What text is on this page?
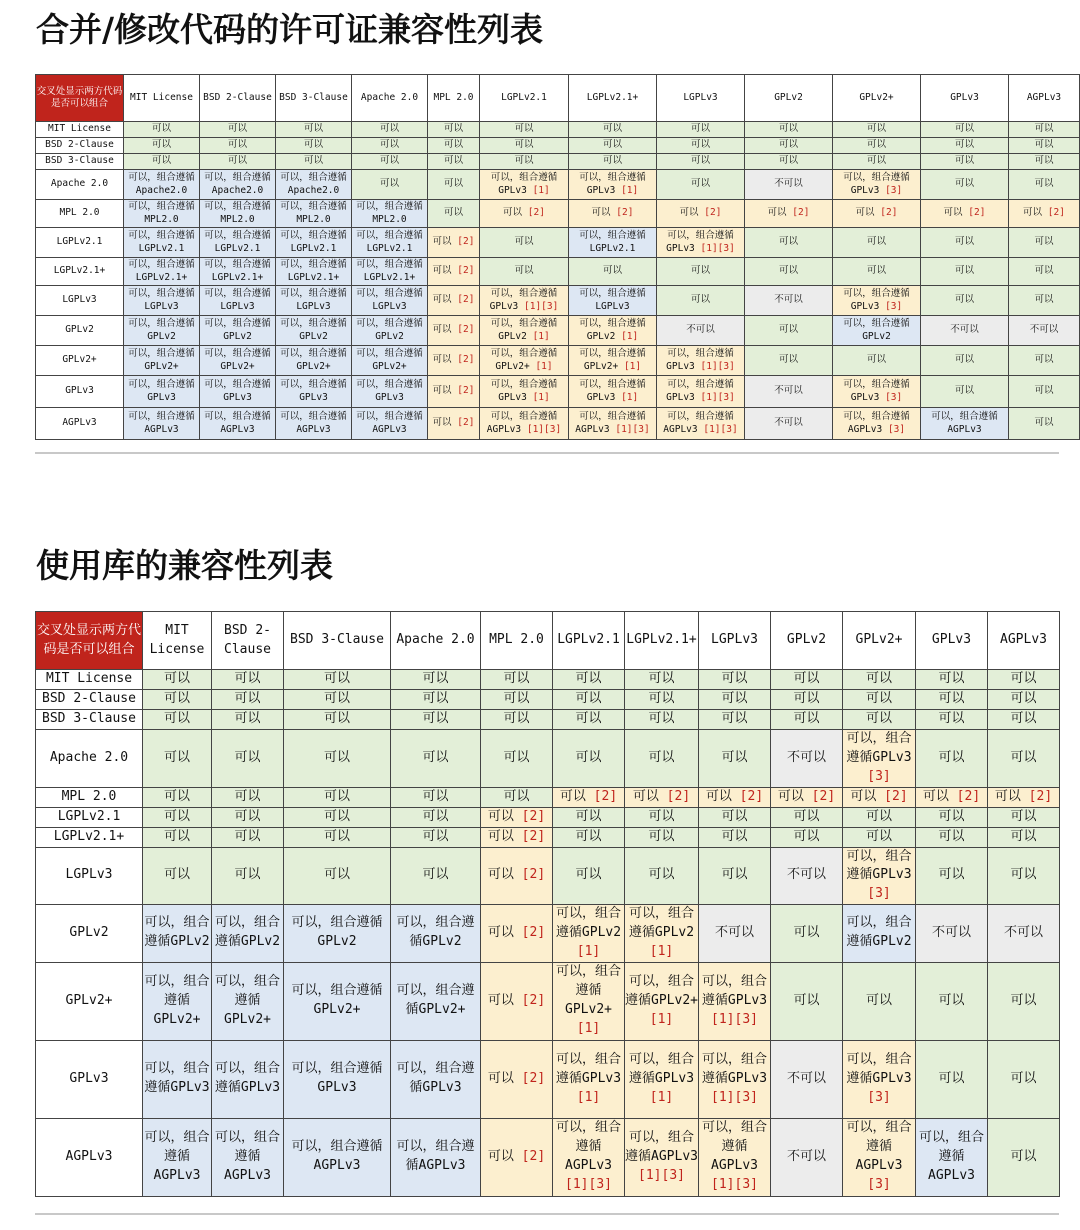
合并/修改代码的许可证兼容性列表
交叉处显示两方代码是否可以组合	MIT License	BSD 2-Clause	BSD 3-Clause	Apache 2.0	MPL 2.0	LGPLv2.1	LGPLv2.1+	LGPLv3	GPLv2	GPLv2+	GPLv3	AGPLv3
MIT License	可以	可以	可以	可以	可以	可以	可以	可以	可以	可以	可以	可以
BSD 2-Clause	可以	可以	可以	可以	可以	可以	可以	可以	可以	可以	可以	可以
BSD 3-Clause	可以	可以	可以	可以	可以	可以	可以	可以	可以	可以	可以	可以
Apache 2.0	可以，组合遵循Apache2.0	可以，组合遵循Apache2.0	可以，组合遵循Apache2.0	可以	可以	可以，组合遵循GPLv3 [1]	可以，组合遵循GPLv3 [1]	可以	不可以	可以，组合遵循GPLv3 [3]	可以	可以
MPL 2.0	可以，组合遵循MPL2.0	可以，组合遵循MPL2.0	可以，组合遵循MPL2.0	可以，组合遵循MPL2.0	可以	可以 [2]	可以 [2]	可以 [2]	可以 [2]	可以 [2]	可以 [2]	可以 [2]
LGPLv2.1	可以，组合遵循LGPLv2.1	可以，组合遵循LGPLv2.1	可以，组合遵循LGPLv2.1	可以，组合遵循LGPLv2.1	可以 [2]	可以	可以，组合遵循LGPLv2.1	可以，组合遵循GPLv3 [1][3]	可以	可以	可以	可以
LGPLv2.1+	可以，组合遵循LGPLv2.1+	可以，组合遵循LGPLv2.1+	可以，组合遵循LGPLv2.1+	可以，组合遵循LGPLv2.1+	可以 [2]	可以	可以	可以	可以	可以	可以	可以
LGPLv3	可以，组合遵循LGPLv3	可以，组合遵循LGPLv3	可以，组合遵循LGPLv3	可以，组合遵循LGPLv3	可以 [2]	可以，组合遵循GPLv3 [1][3]	可以，组合遵循LGPLv3	可以	不可以	可以，组合遵循GPLv3 [3]	可以	可以
GPLv2	可以，组合遵循GPLv2	可以，组合遵循GPLv2	可以，组合遵循GPLv2	可以，组合遵循GPLv2	可以 [2]	可以，组合遵循GPLv2 [1]	可以，组合遵循GPLv2 [1]	不可以	可以	可以，组合遵循GPLv2	不可以	不可以
GPLv2+	可以，组合遵循GPLv2+	可以，组合遵循GPLv2+	可以，组合遵循GPLv2+	可以，组合遵循GPLv2+	可以 [2]	可以，组合遵循GPLv2+ [1]	可以，组合遵循GPLv2+ [1]	可以，组合遵循GPLv3 [1][3]	可以	可以	可以	可以
GPLv3	可以，组合遵循GPLv3	可以，组合遵循GPLv3	可以，组合遵循GPLv3	可以，组合遵循GPLv3	可以 [2]	可以，组合遵循GPLv3 [1]	可以，组合遵循GPLv3 [1]	可以，组合遵循GPLv3 [1][3]	不可以	可以，组合遵循GPLv3 [3]	可以	可以
AGPLv3	可以，组合遵循AGPLv3	可以，组合遵循AGPLv3	可以，组合遵循AGPLv3	可以，组合遵循AGPLv3	可以 [2]	可以，组合遵循AGPLv3 [1][3]	可以，组合遵循AGPLv3 [1][3]	可以，组合遵循AGPLv3 [1][3]	不可以	可以，组合遵循AGPLv3 [3]	可以，组合遵循AGPLv3	可以
使用库的兼容性列表
交叉处显示两方代码是否可以组合	MIT License	BSD 2-Clause	BSD 3-Clause	Apache 2.0	MPL 2.0	LGPLv2.1	LGPLv2.1+	LGPLv3	GPLv2	GPLv2+	GPLv3	AGPLv3
MIT License	可以	可以	可以	可以	可以	可以	可以	可以	可以	可以	可以	可以
BSD 2-Clause	可以	可以	可以	可以	可以	可以	可以	可以	可以	可以	可以	可以
BSD 3-Clause	可以	可以	可以	可以	可以	可以	可以	可以	可以	可以	可以	可以
Apache 2.0	可以	可以	可以	可以	可以	可以	可以	可以	不可以	可以，组合遵循GPLv3 [3]	可以	可以
MPL 2.0	可以	可以	可以	可以	可以	可以 [2]	可以 [2]	可以 [2]	可以 [2]	可以 [2]	可以 [2]	可以 [2]
LGPLv2.1	可以	可以	可以	可以	可以 [2]	可以	可以	可以	可以	可以	可以	可以
LGPLv2.1+	可以	可以	可以	可以	可以 [2]	可以	可以	可以	可以	可以	可以	可以
LGPLv3	可以	可以	可以	可以	可以 [2]	可以	可以	可以	不可以	可以，组合遵循GPLv3 [3]	可以	可以
GPLv2	可以，组合遵循GPLv2	可以，组合遵循GPLv2	可以，组合遵循GPLv2	可以，组合遵循GPLv2	可以 [2]	可以，组合遵循GPLv2 [1]	可以，组合遵循GPLv2 [1]	不可以	可以	可以，组合遵循GPLv2	不可以	不可以
GPLv2+	可以，组合遵循GPLv2+	可以，组合遵循GPLv2+	可以，组合遵循GPLv2+	可以，组合遵循GPLv2+	可以 [2]	可以，组合遵循GPLv2+ [1]	可以，组合遵循GPLv2+ [1]	可以，组合遵循GPLv3 [1][3]	可以	可以	可以	可以
GPLv3	可以，组合遵循GPLv3	可以，组合遵循GPLv3	可以，组合遵循GPLv3	可以，组合遵循GPLv3	可以 [2]	可以，组合遵循GPLv3 [1]	可以，组合遵循GPLv3 [1]	可以，组合遵循GPLv3 [1][3]	不可以	可以，组合遵循GPLv3 [3]	可以	可以
AGPLv3	可以，组合遵循AGPLv3	可以，组合遵循AGPLv3	可以，组合遵循AGPLv3	可以，组合遵循AGPLv3	可以 [2]	可以，组合遵循AGPLv3 [1][3]	可以，组合遵循AGPLv3 [1][3]	可以，组合遵循AGPLv3 [1][3]	不可以	可以，组合遵循AGPLv3 [3]	可以，组合遵循AGPLv3	可以
